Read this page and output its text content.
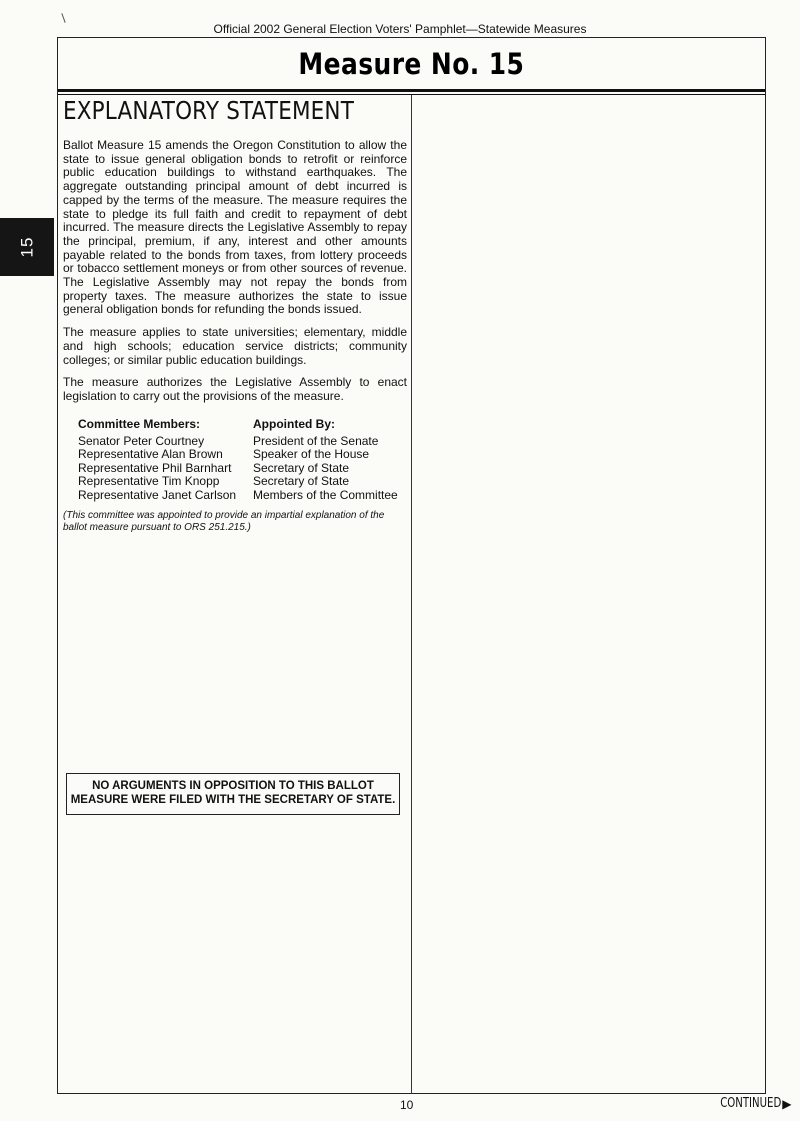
Official 2002 General Election Voters' Pamphlet—Statewide Measures
15
Measure No. 15
EXPLANATORY STATEMENT

Ballot Measure 15 amends the Oregon Constitution to allow the state to issue general obligation bonds to retrofit or reinforce public education buildings to withstand earthquakes. The aggregate outstanding principal amount of debt incurred is capped by the terms of the measure. The measure requires the state to pledge its full faith and credit to repayment of debt incurred. The measure directs the Legislative Assembly to repay the principal, premium, if any, interest and other amounts payable related to the bonds from taxes, from lottery proceeds or tobacco settlement moneys or from other sources of revenue. The Legislative Assembly may not repay the bonds from property taxes. The measure authorizes the state to issue general obligation bonds for refunding the bonds issued.

The measure applies to state universities; elementary, middle and high schools; education service districts; community colleges; or similar public education buildings.

The measure authorizes the Legislative Assembly to enact legislation to carry out the provisions of the measure.

Committee Members:	Appointed By:
Senator Peter Courtney	President of the Senate
Representative Alan Brown	Speaker of the House
Representative Phil Barnhart	Secretary of State
Representative Tim Knopp	Secretary of State
Representative Janet Carlson	Members of the Committee
(This committee was appointed to provide an impartial explanation of the ballot measure pursuant to ORS 251.215.)
NO ARGUMENTS IN OPPOSITION TO THIS BALLOT
MEASURE WERE FILED WITH THE SECRETARY OF STATE.
10	CONTINUED ▶
